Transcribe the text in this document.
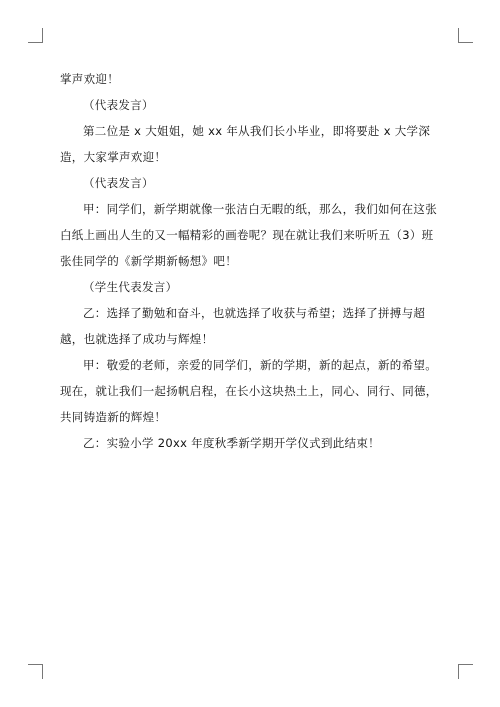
掌声欢迎！

（代表发言）

第二位是 x 大姐姐，她 xx 年从我们长小毕业，即将要赴 x 大学深造，大家掌声欢迎！

（代表发言）

甲：同学们，新学期就像一张洁白无暇的纸，那么，我们如何在这张白纸上画出人生的又一幅精彩的画卷呢？现在就让我们来听听五（3）班张佳同学的《新学期新畅想》吧！

（学生代表发言）

乙：选择了勤勉和奋斗，也就选择了收获与希望；选择了拼搏与超越，也就选择了成功与辉煌！

甲：敬爱的老师，亲爱的同学们，新的学期，新的起点，新的希望。现在，就让我们一起扬帆启程，在长小这块热土上，同心、同行、同德，共同铸造新的辉煌！

乙：实验小学 20xx 年度秋季新学期开学仪式到此结束！
